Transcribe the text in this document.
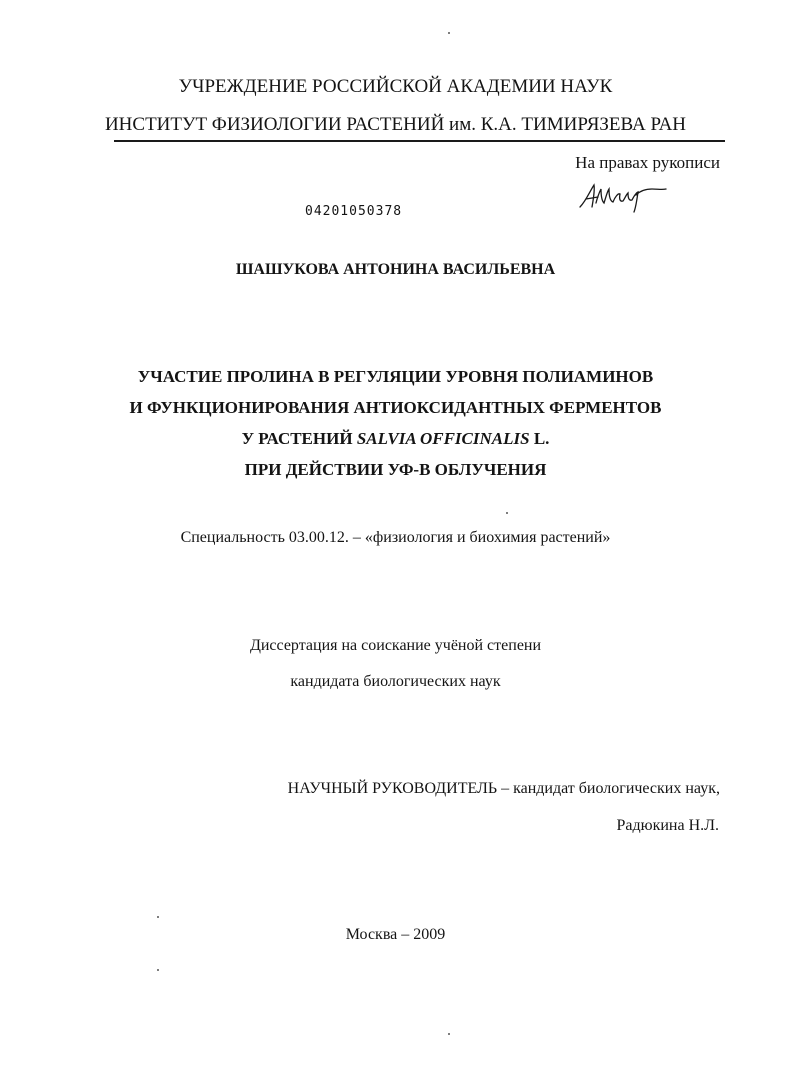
УЧРЕЖДЕНИЕ РОССИЙСКОЙ АКАДЕМИИ НАУК
ИНСТИТУТ ФИЗИОЛОГИИ РАСТЕНИЙ им. К.А. ТИМИРЯЗЕВА РАН
На правах рукописи
04201050378
ШАШУКОВА АНТОНИНА ВАСИЛЬЕВНА
УЧАСТИЕ ПРОЛИНА В РЕГУЛЯЦИИ УРОВНЯ ПОЛИАМИНОВ
И ФУНКЦИОНИРОВАНИЯ АНТИОКСИДАНТНЫХ ФЕРМЕНТОВ
У РАСТЕНИЙ SALVIA OFFICINALIS L.
ПРИ ДЕЙСТВИИ УФ-В ОБЛУЧЕНИЯ
Специальность 03.00.12. – «физиология и биохимия растений»
Диссертация на соискание учёной степени
кандидата биологических наук
НАУЧНЫЙ РУКОВОДИТЕЛЬ – кандидат биологических наук,
Радюкина Н.Л.
Москва – 2009
